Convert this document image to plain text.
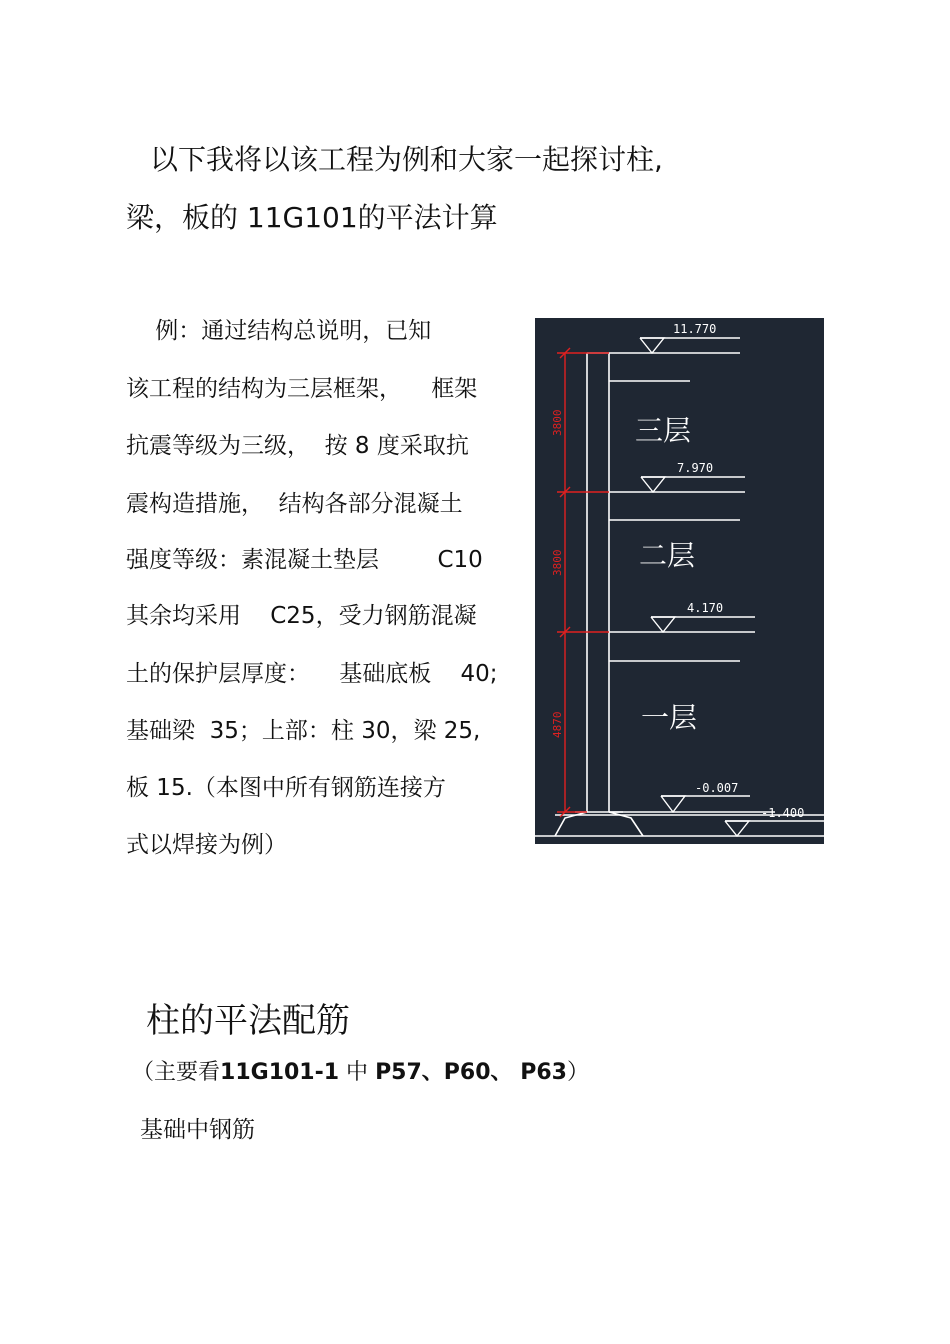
以下我将以该工程为例和大家一起探讨柱,
梁，板的 11G101的平法计算
例：通过结构总说明，已知
该工程的结构为三层框架，    框架
抗震等级为三级，  按 8 度采取抗
震构造措施，  结构各部分混凝土
强度等级：素混凝土垫层        C10
其余均采用    C25，受力钢筋混凝
土的保护层厚度：    基础底板    40;
基础梁  35；上部：柱 30，梁 25,
板 15.（本图中所有钢筋连接方
式以焊接为例）
11.770
7.970
4.170
-0.007
-1.400
三层
二层
一层
3800
3800
4870
柱的平法配筋
（主要看11G101-1 中 P57、P60、 P63）
基础中钢筋
